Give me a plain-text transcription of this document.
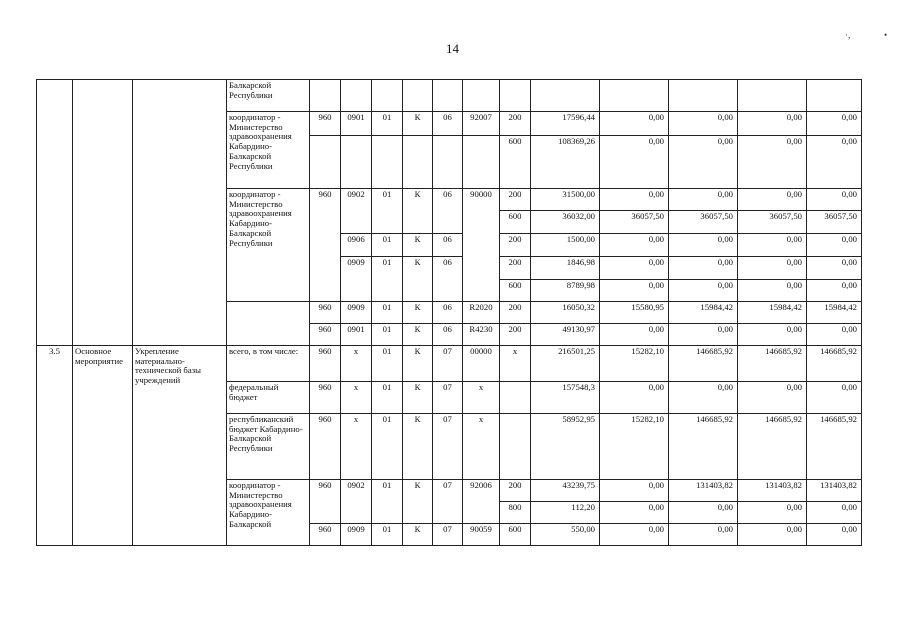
14
·,	•
			Балкарской Республики												
			координатор - Министерство здравоохранения Кабардино-Балкарской Республики	960	0901	01	К	06	92007	200	17596,44	0,00	0,00	0,00	0,00
										600	108369,26	0,00	0,00	0,00	0,00
			координатор - Министерство здравоохранения Кабардино-Балкарской Республики	960	0902	01	К	06	90000	200	31500,00	0,00	0,00	0,00	0,00
										600	36032,00	36057,50	36057,50	36057,50	36057,50
					0906	01	К	06		200	1500,00	0,00	0,00	0,00	0,00
					0909	01	К	06		200	1846,98	0,00	0,00	0,00	0,00
										600	8789,98	0,00	0,00	0,00	0,00
				960	0909	01	К	06	R2020	200	16050,32	15580,95	15984,42	15984,42	15984,42
				960	0901	01	К	06	R4230	200	49130,97	0,00	0,00	0,00	0,00
3.5	Основное мероприятие	Укрепление материально-технической базы учреждений	всего, в том числе:	960	x	01	К	07	00000	x	216501,25	15282,10	146685,92	146685,92	146685,92
			федеральный бюджет	960	x	01	К	07	x		157548,3	0,00	0,00	0,00	0,00
			республиканский бюджет Кабардино-Балкарской Республики	960	x	01	К	07	x		58952,95	15282,10	146685,92	146685,92	146685,92
			координатор - Министерство здравоохранения Кабардино-Балкарской	960	0902	01	К	07	92006	200	43239,75	0,00	131403,82	131403,82	131403,82
										800	112,20	0,00	0,00	0,00	0,00
				960	0909	01	К	07	90059	600	550,00	0,00	0,00	0,00	0,00
